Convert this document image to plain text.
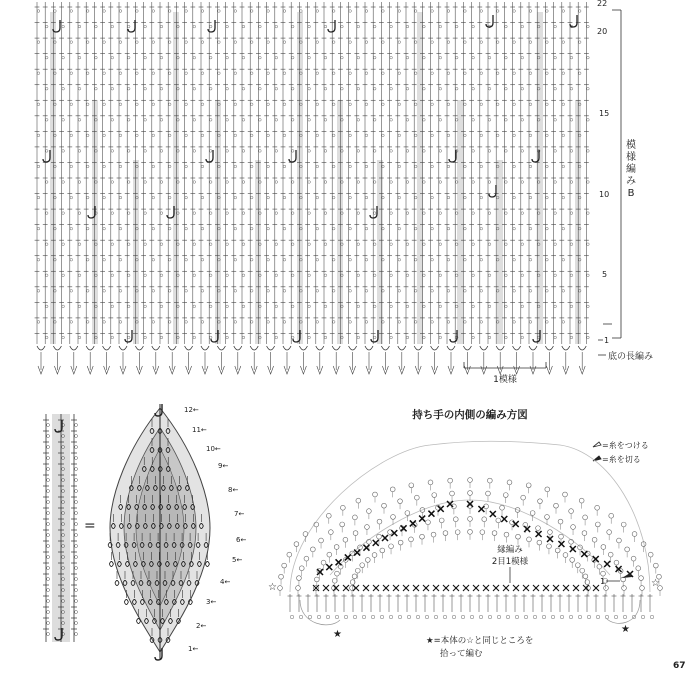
模
様
編
み
B
22
20
15
10
5
1
底の長編み
1模様
=
1←
2←
3←
4←
5←
6←
7←
8←
9←
10←
11←
12←	持ち手の内側の編み方図
=糸をつける
=糸を切る
縁編み
2目1模様
☆	☆
★	★
1
★=本体の☆と同じところを
拾って編む
67
